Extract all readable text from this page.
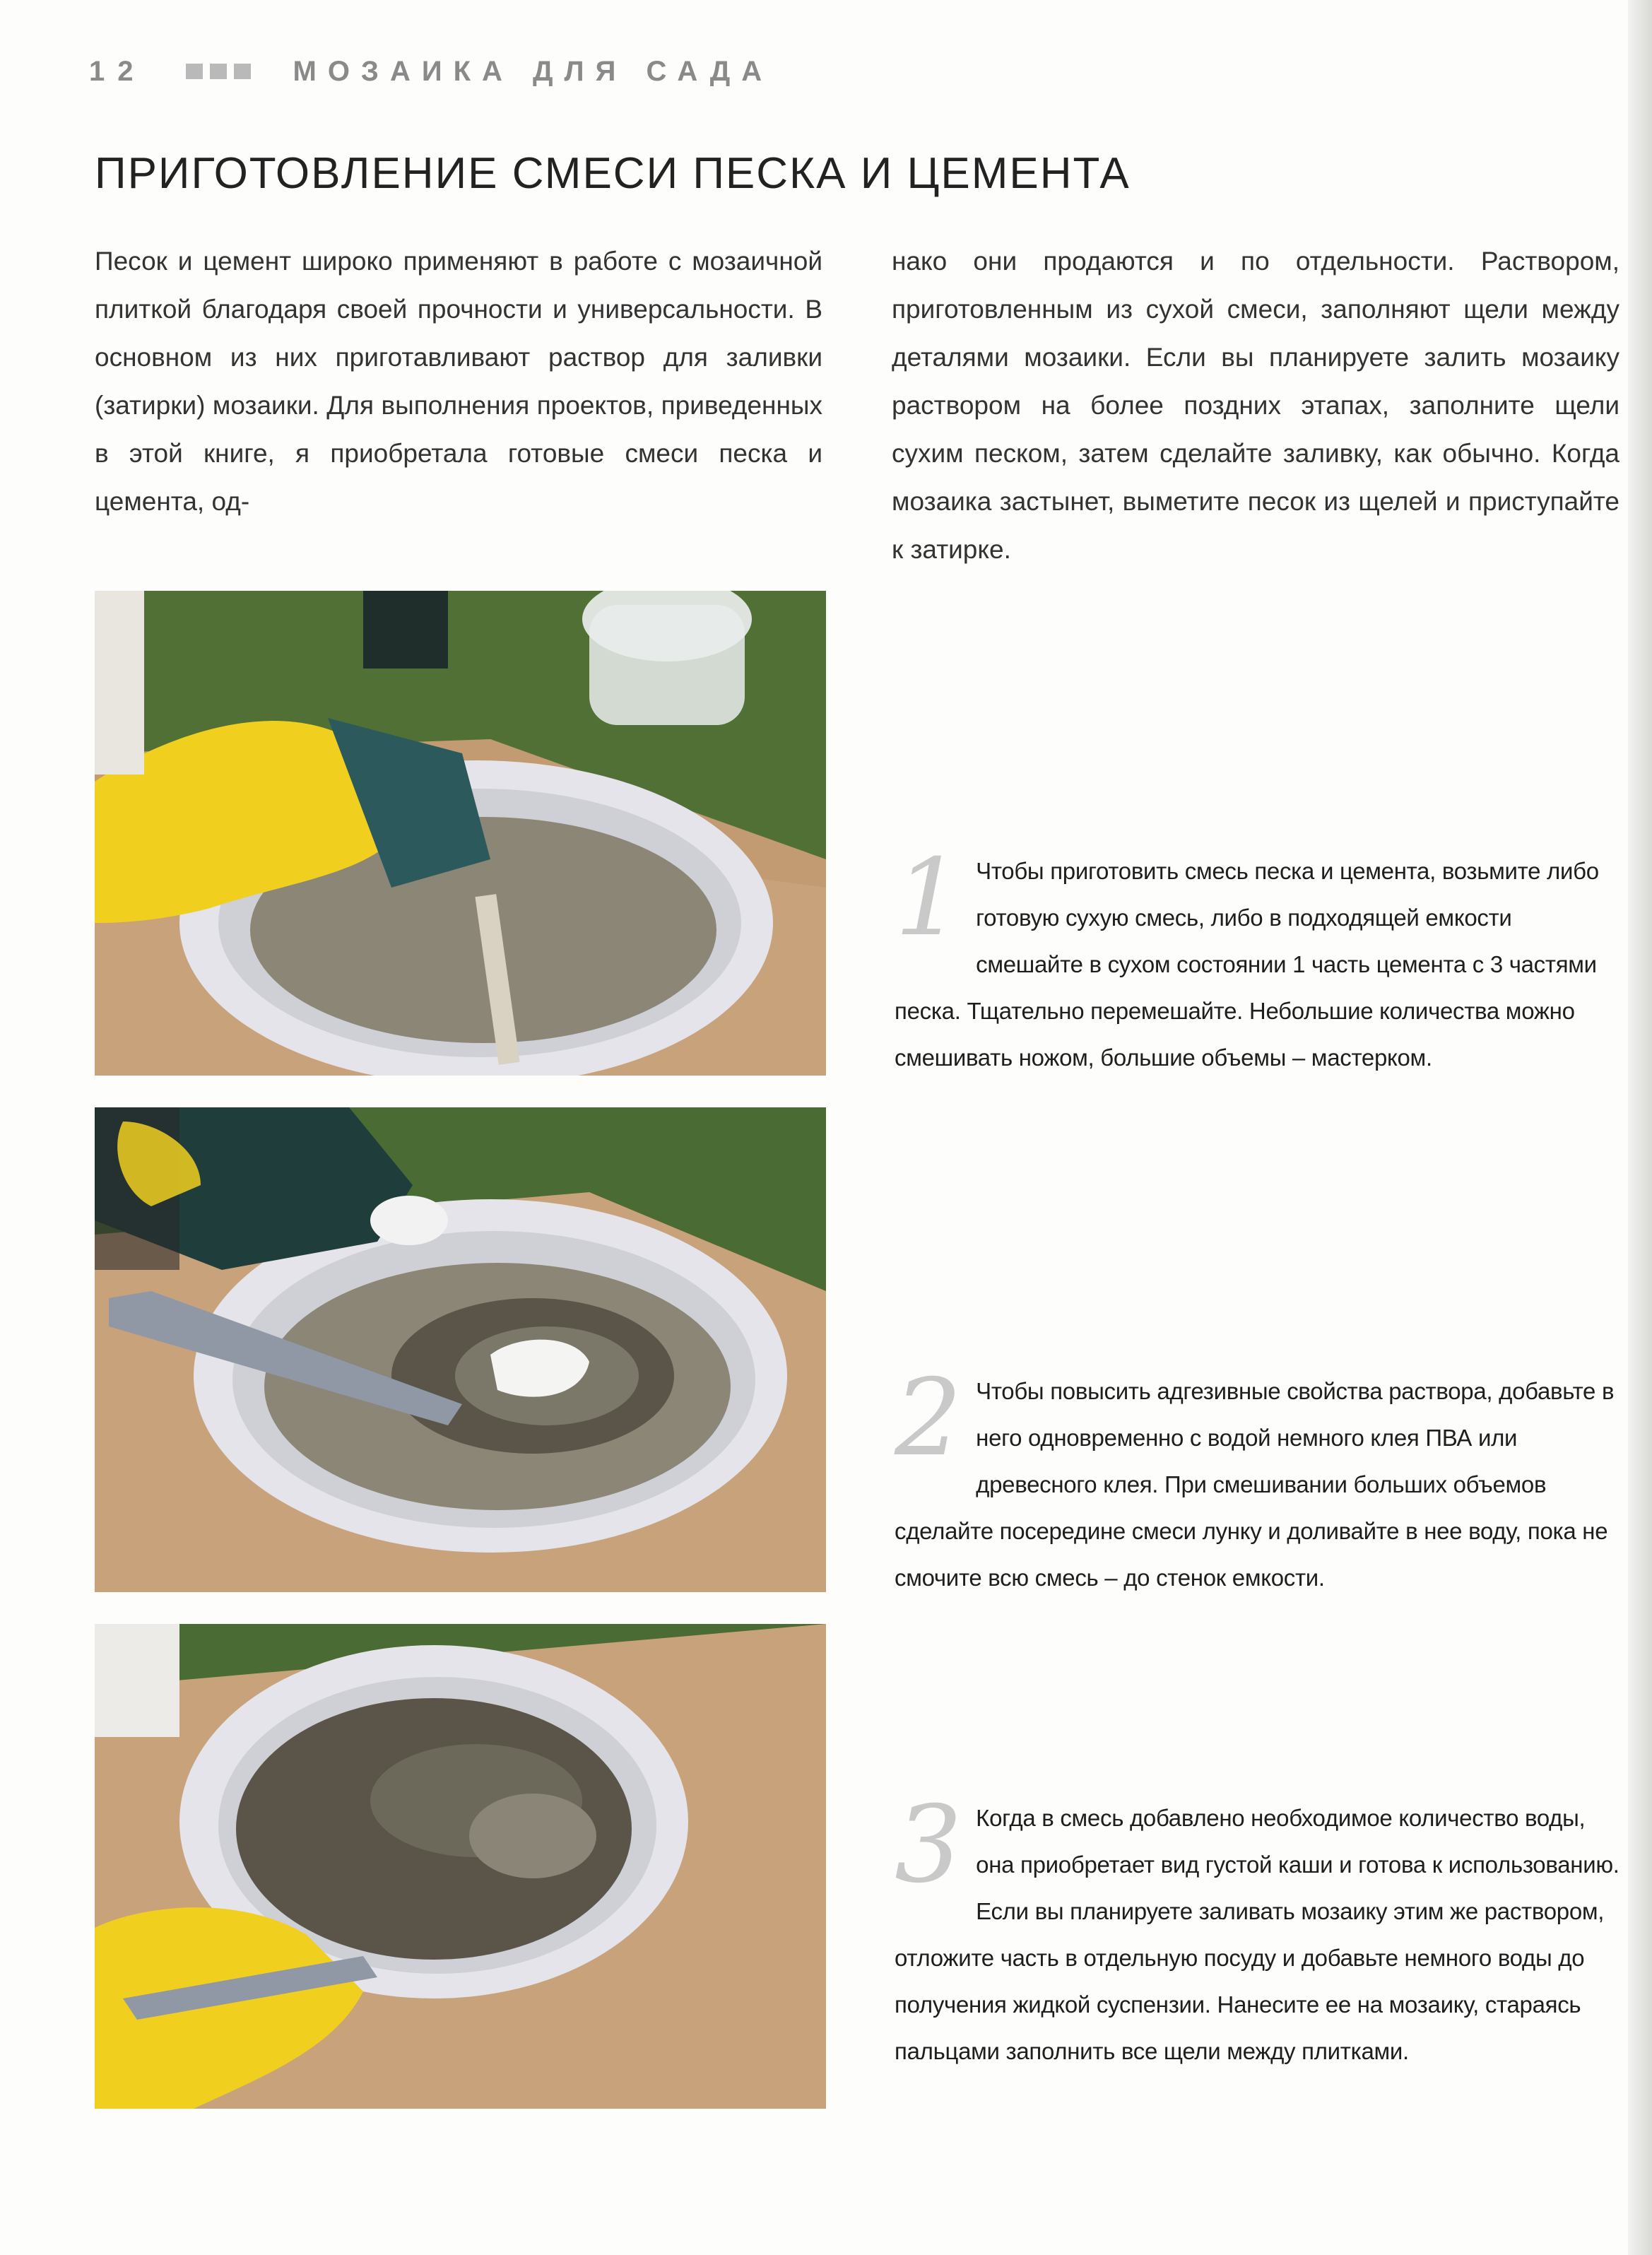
12	МОЗАИКА ДЛЯ САДА
ПРИГОТОВЛЕНИЕ СМЕСИ ПЕСКА И ЦЕМЕНТА

Песок и цемент широко применяют в работе с мозаичной плиткой благодаря своей прочности и универсальности. В основном из них приготавливают раствор для заливки (затирки) мозаики. Для выполнения проектов, приведенных в этой книге, я приобретала готовые смеси песка и цемента, од-

нако они продаются и по отдельности. Раствором, приготовленным из сухой смеси, заполняют щели между деталями мозаики. Если вы планируете залить мозаику раствором на более поздних этапах, заполните щели сухим песком, затем сделайте заливку, как обычно. Когда мозаика застынет, выметите песок из щелей и приступайте к затирке.

1 Чтобы приготовить смесь песка и цемента, возьмите либо готовую сухую смесь, либо в подходящей емкости смешайте в сухом состоянии 1 часть цемента с 3 частями песка. Тщательно перемешайте. Небольшие количества можно смешивать ножом, большие объемы – мастерком.

2 Чтобы повысить адгезивные свойства раствора, добавьте в него одновременно с водой немного клея ПВА или древесного клея. При смешивании больших объемов сделайте посередине смеси лунку и доливайте в нее воду, пока не смочите всю смесь – до стенок емкости.

3 Когда в смесь добавлено необходимое количество воды, она приобретает вид густой каши и готова к использованию. Если вы планируете заливать мозаику этим же раствором, отложите часть в отдельную посуду и добавьте немного воды до получения жидкой суспензии. Нанесите ее на мозаику, стараясь пальцами заполнить все щели между плитками.
